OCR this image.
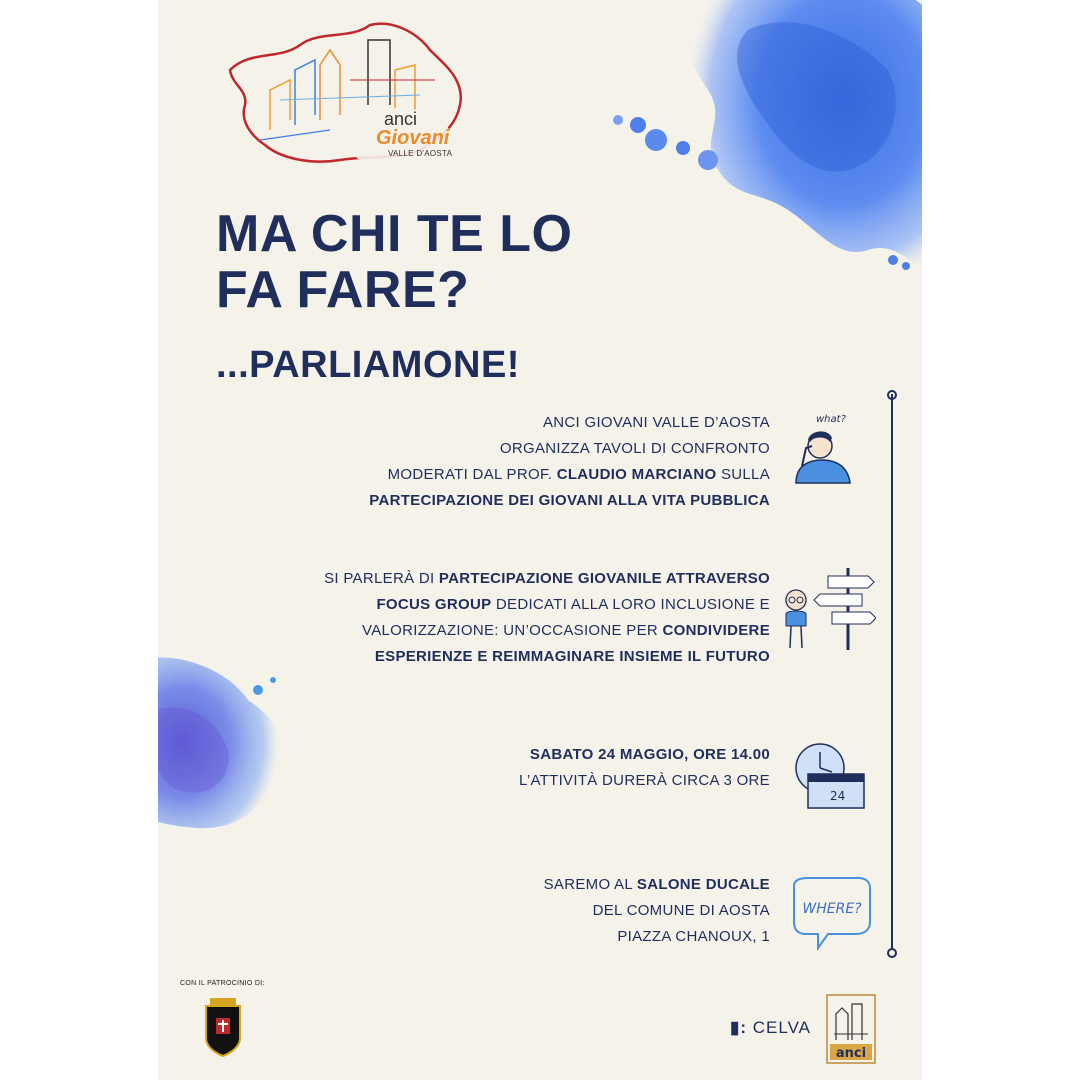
anci
Giovani
VALLE D'AOSTA
MA CHI TE LO
FA FARE?
...PARLIAMONE!
ANCI GIOVANI VALLE D’AOSTA
ORGANIZZA TAVOLI DI CONFRONTO
MODERATI DAL PROF. CLAUDIO MARCIANO SULLA
PARTECIPAZIONE DEI GIOVANI ALLA VITA PUBBLICA
what?
SI PARLERÀ DI PARTECIPAZIONE GIOVANILE ATTRAVERSO
FOCUS GROUP DEDICATI ALLA LORO INCLUSIONE E
VALORIZZAZIONE: UN’OCCASIONE PER CONDIVIDERE
ESPERIENZE E REIMMAGINARE INSIEME IL FUTURO
SABATO 24 MAGGIO, ORE 14.00
L’ATTIVITÀ DURERÀ CIRCA 3 ORE
24
SAREMO AL SALONE DUCALE
DEL COMUNE DI AOSTA
PIAZZA CHANOUX, 1
WHERE?
CON IL PATROCINIO DI:
▮: CELVA
anci
